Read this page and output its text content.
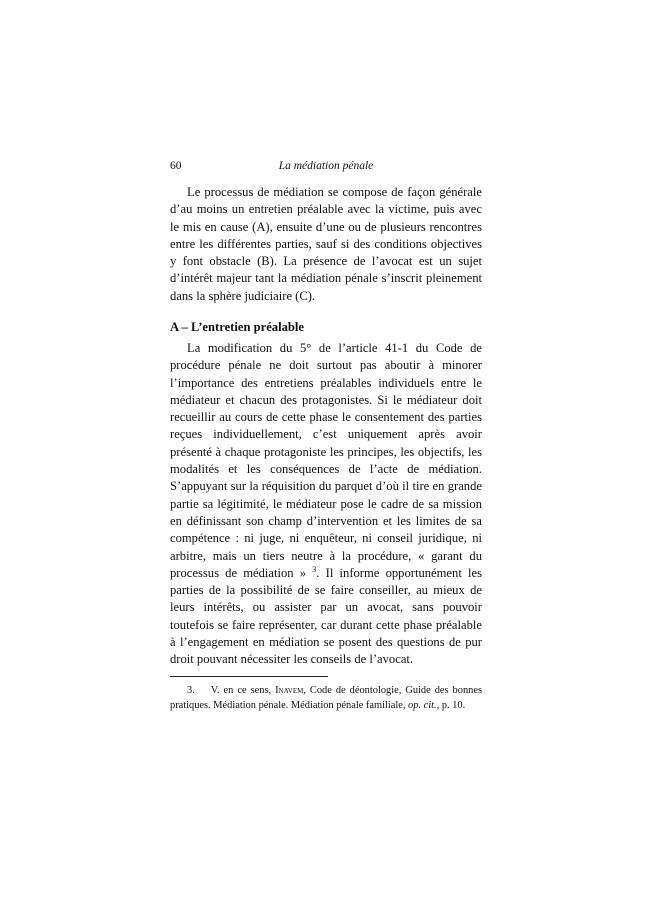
60	La médiation pénale

Le processus de médiation se compose de façon générale d’au moins un entretien préalable avec la victime, puis avec le mis en cause (A), ensuite d’une ou de plusieurs rencontres entre les différentes parties, sauf si des conditions objectives y font obstacle (B). La présence de l’avocat est un sujet d’intérêt majeur tant la médiation pénale s’inscrit pleinement dans la sphère judiciaire (C).

A – L’entretien préalable

La modification du 5° de l’article 41-1 du Code de procédure pénale ne doit surtout pas aboutir à minorer l’importance des entretiens préalables individuels entre le médiateur et chacun des protagonistes. Si le médiateur doit recueillir au cours de cette phase le consentement des parties reçues individuellement, c’est uniquement après avoir présenté à chaque protagoniste les principes, les objectifs, les modalités et les conséquences de l’acte de médiation. S’appuyant sur la réquisition du parquet d’où il tire en grande partie sa légitimité, le médiateur pose le cadre de sa mission en définissant son champ d’intervention et les limites de sa compétence : ni juge, ni enquêteur, ni conseil juridique, ni arbitre, mais un tiers neutre à la procédure, « garant du processus de médiation » $^3$. Il informe opportunément les parties de la possibilité de se faire conseiller, au mieux de leurs intérêts, ou assister par un avocat, sans pouvoir toutefois se faire représenter, car durant cette phase préalable à l’engagement en médiation se posent des questions de pur droit pouvant nécessiter les conseils de l’avocat.

3. V. en ce sens, Inavem, Code de déontologie, Guide des bonnes pratiques. Médiation pénale. Médiation pénale familiale, op. cit., p. 10.
